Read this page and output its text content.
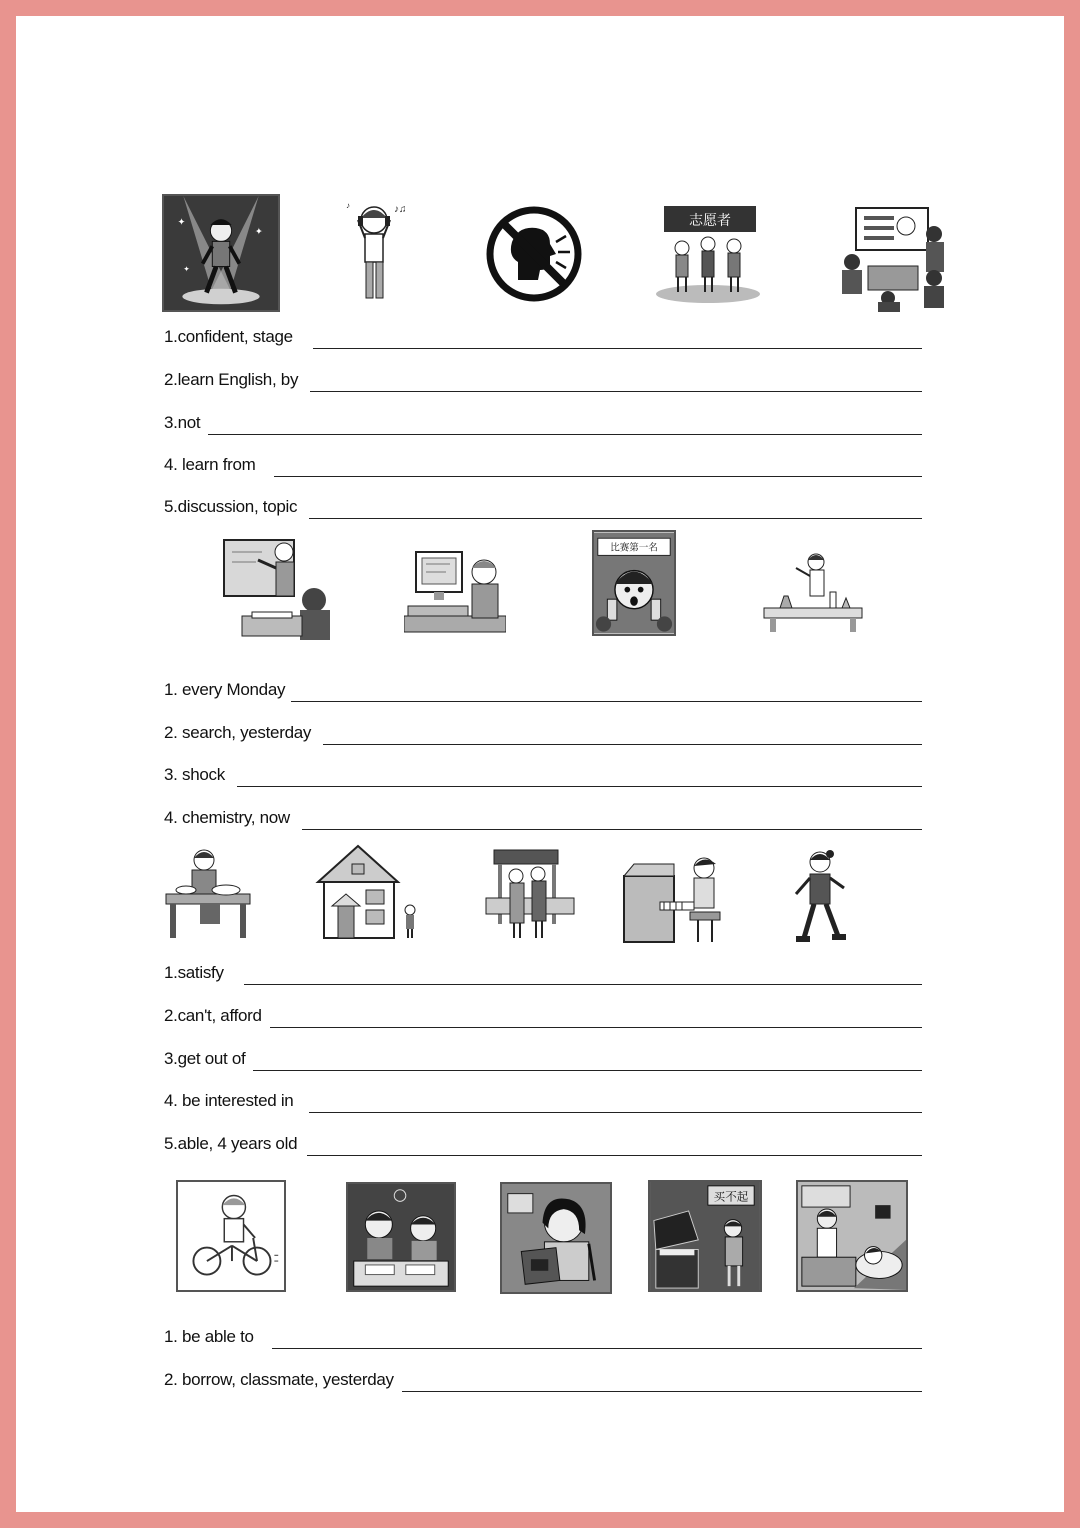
✦
✦
✦
♪♫
♪
志愿者
1.confident, stage
2.learn English, by
3.not
4. learn from
5.discussion, topic
比赛第一名
1. every Monday
2. search, yesterday
3. shock
4. chemistry, now
1.satisfy
2.can't, afford
3.get out of
4. be interested in
5.able, 4 years old
买不起
1. be able to
2. borrow, classmate, yesterday
